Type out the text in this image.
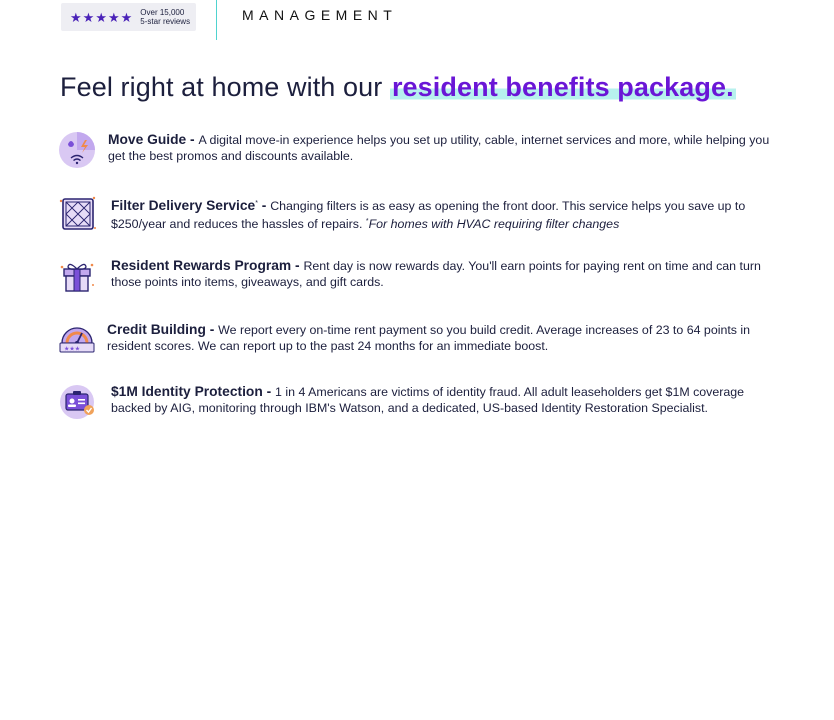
★ ★ ★ ★ ★ Over 15,000
5-star reviews	MANAGEMENT
Feel right at home with our resident benefits package.
Move Guide - A digital move-in experience helps you set up utility, cable, internet services and more, while helping you get the best promos and discounts available.
Filter Delivery Service* - Changing filters is as easy as opening the front door. This service helps you save up to $250/year and reduces the hassles of repairs. *For homes with HVAC requiring filter changes
Resident Rewards Program - Rent day is now rewards day. You'll earn points for paying rent on time and can turn those points into items, giveaways, and gift cards.
★★★
Credit Building - We report every on-time rent payment so you build credit. Average increases of 23 to 64 points in resident scores. We can report up to the past 24 months for an immediate boost.
$1M Identity Protection - 1 in 4 Americans are victims of identity fraud. All adult leaseholders get $1M coverage backed by AIG, monitoring through IBM's Watson, and a dedicated, US-based Identity Restoration Specialist.
